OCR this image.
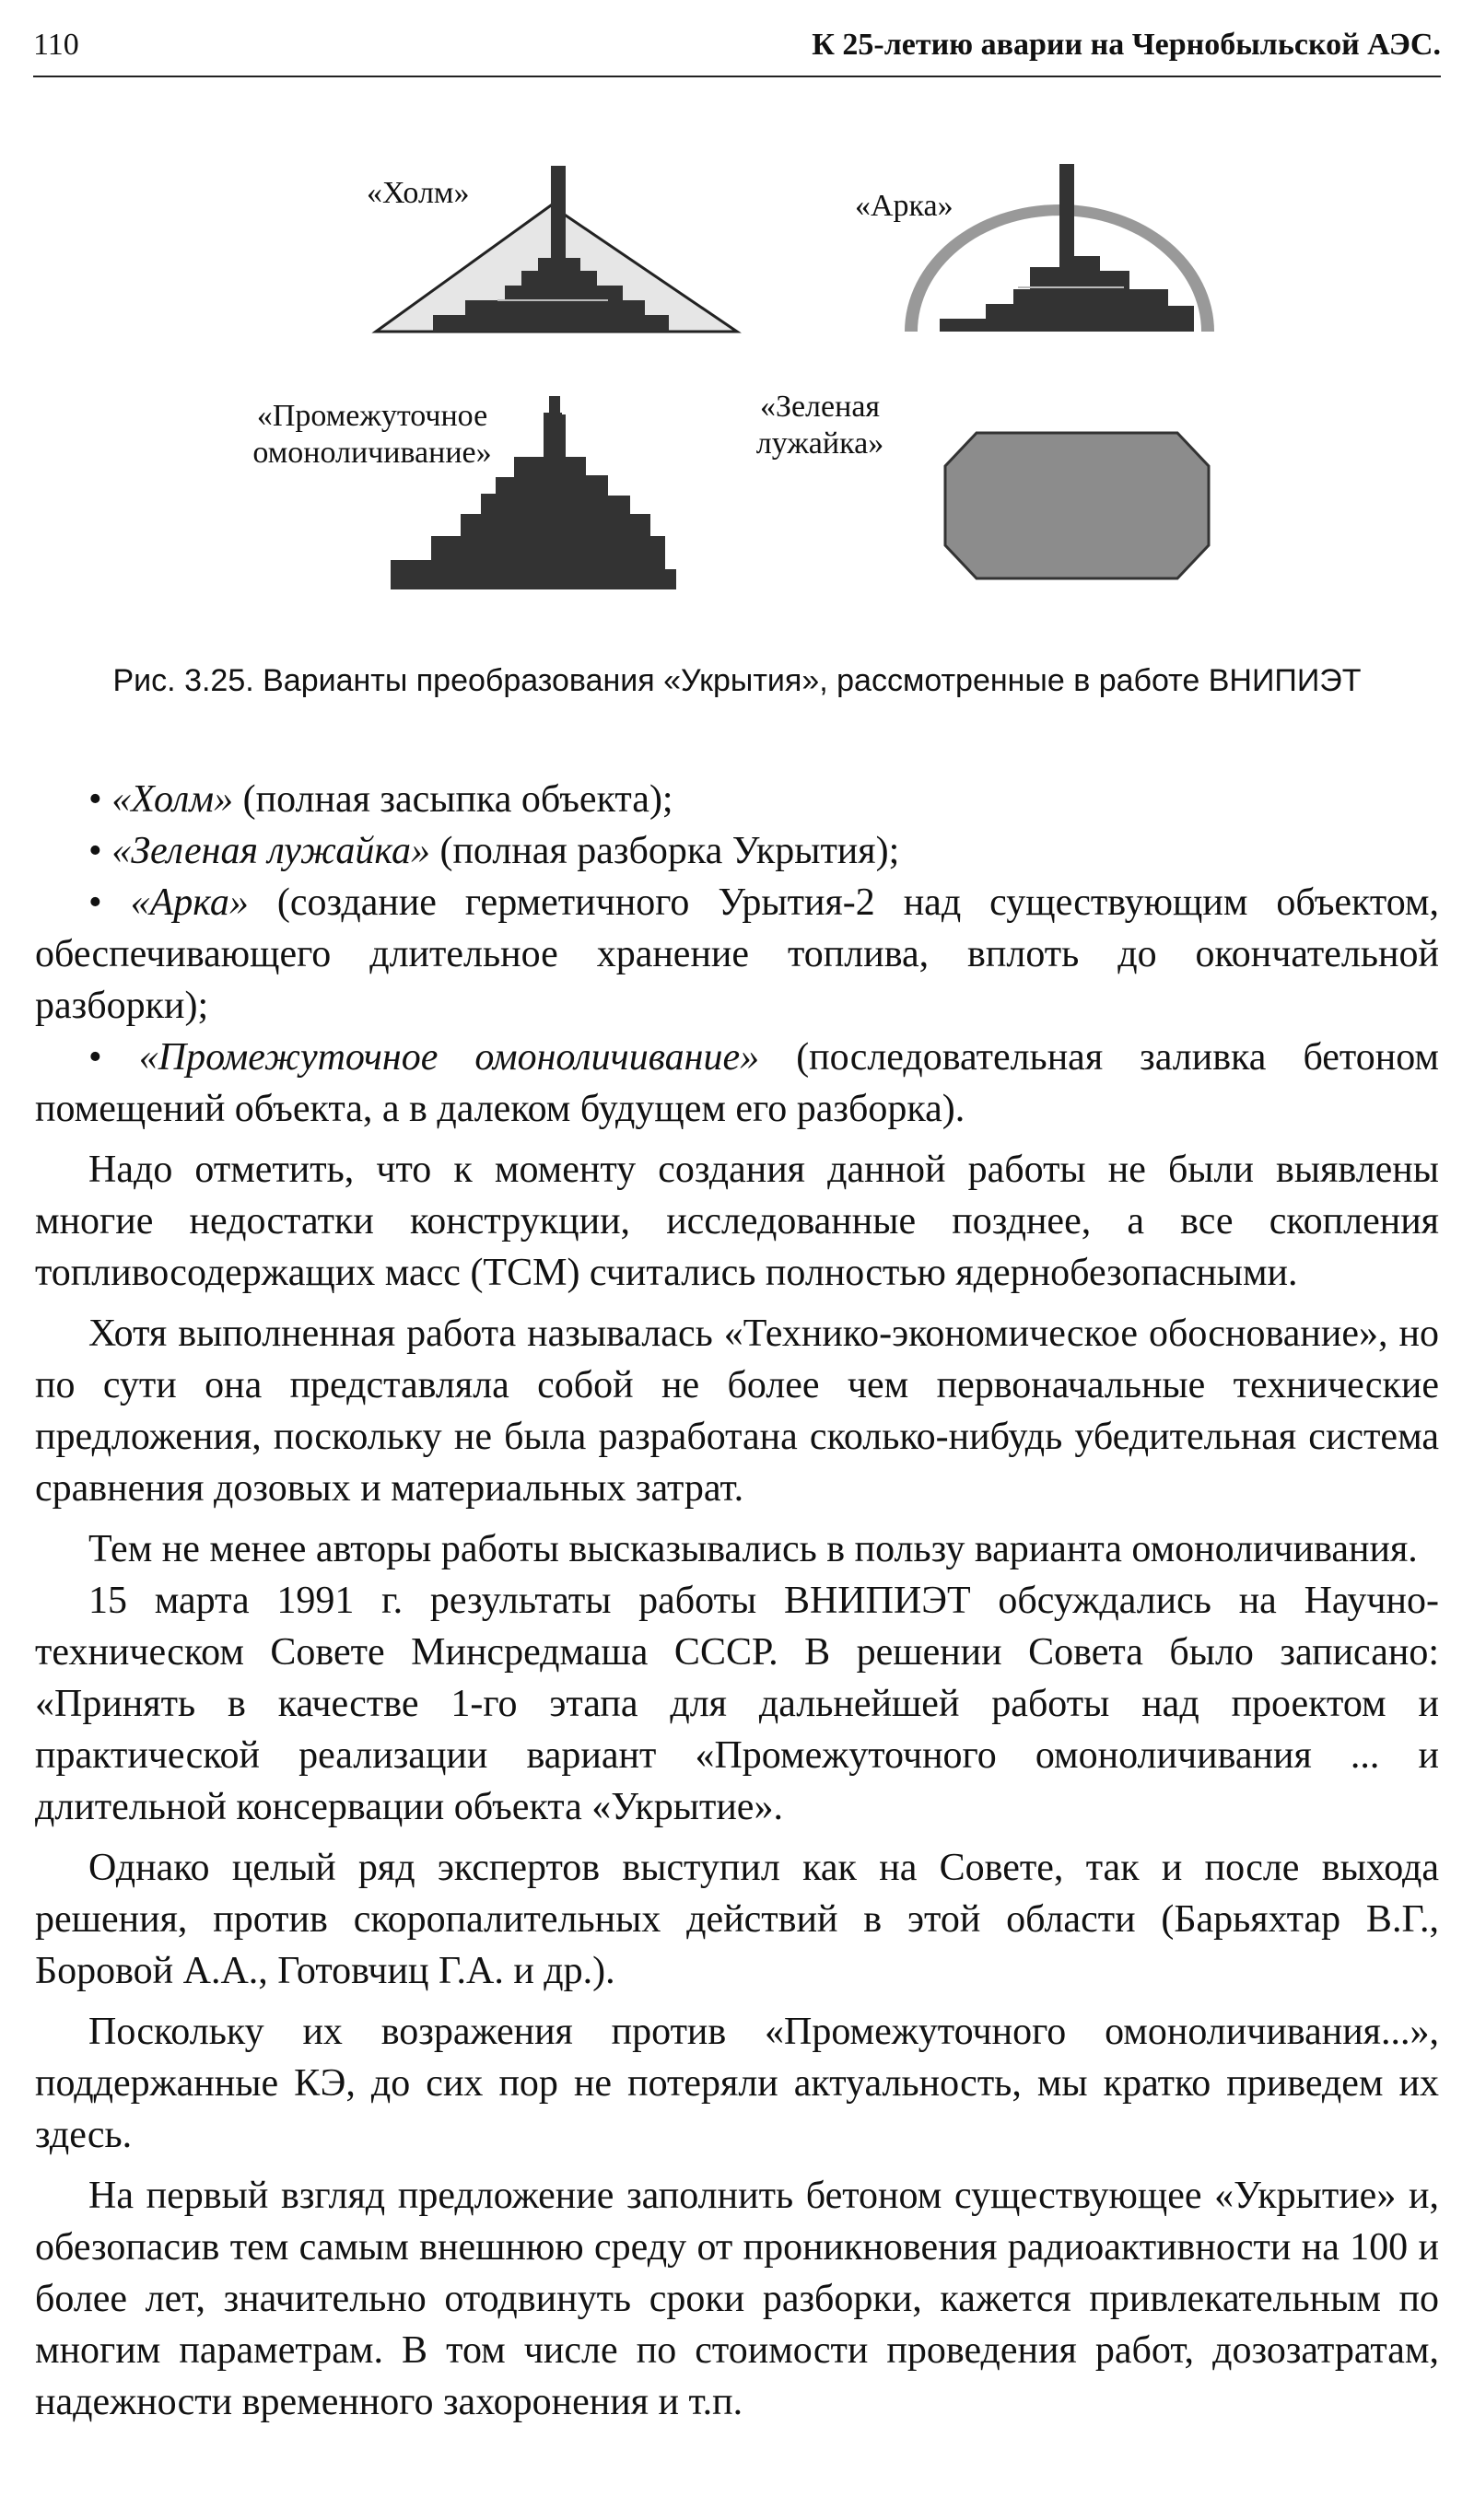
110	К 25-летию аварии на Чернобыльской АЭС.
«Холм»	«Арка»
«Промежуточное
омоноличивание»
«Зеленая
лужайка»
Рис. 3.25. Варианты преобразования «Укрытия», рассмотренные в работе ВНИПИЭТ

• «Холм» (полная засыпка объекта);

• «Зеленая лужайка» (полная разборка Укрытия);

• «Арка» (создание герметичного Урытия-2 над существующим объектом, обеспечивающего длительное хранение топлива, вплоть до окончательной разборки);

• «Промежуточное омоноличивание» (последовательная заливка бетоном помещений объекта, а в далеком будущем его разборка).

Надо отметить, что к моменту создания данной работы не были выявлены многие недостатки конструкции, исследованные позднее, а все скопления топливосодержащих масс (ТСМ) считались полностью ядернобезопасными.

Хотя выполненная работа называлась «Технико-экономическое обоснование», но по сути она представляла собой не более чем первоначальные технические предложения, поскольку не была разработана сколько-нибудь убедительная система сравнения дозовых и материальных затрат.

Тем не менее авторы работы высказывались в пользу варианта омоноличивания.

15 марта 1991 г. результаты работы ВНИПИЭТ обсуждались на Научно-техническом Совете Минсредмаша СССР. В решении Совета было записано: «Принять в качестве 1-го этапа для дальнейшей работы над проектом и практической реализации вариант «Промежуточного омоноличивания ... и длительной консервации объекта «Укрытие».

Однако целый ряд экспертов выступил как на Совете, так и после выхода решения, против скоропалительных действий в этой области (Барьяхтар В.Г., Боровой А.А., Готовчиц Г.А. и др.).

Поскольку их возражения против «Промежуточного омоноличивания...», поддержанные КЭ, до сих пор не потеряли актуальность, мы кратко приведем их здесь.

На первый взгляд предложение заполнить бетоном существующее «Укрытие» и, обезопасив тем самым внешнюю среду от проникновения радиоактивности на 100 и более лет, значительно отодвинуть сроки разборки, кажется привлекательным по многим параметрам. В том числе по стоимости проведения работ, дозозатратам, надежности временного захоронения и т.п.
